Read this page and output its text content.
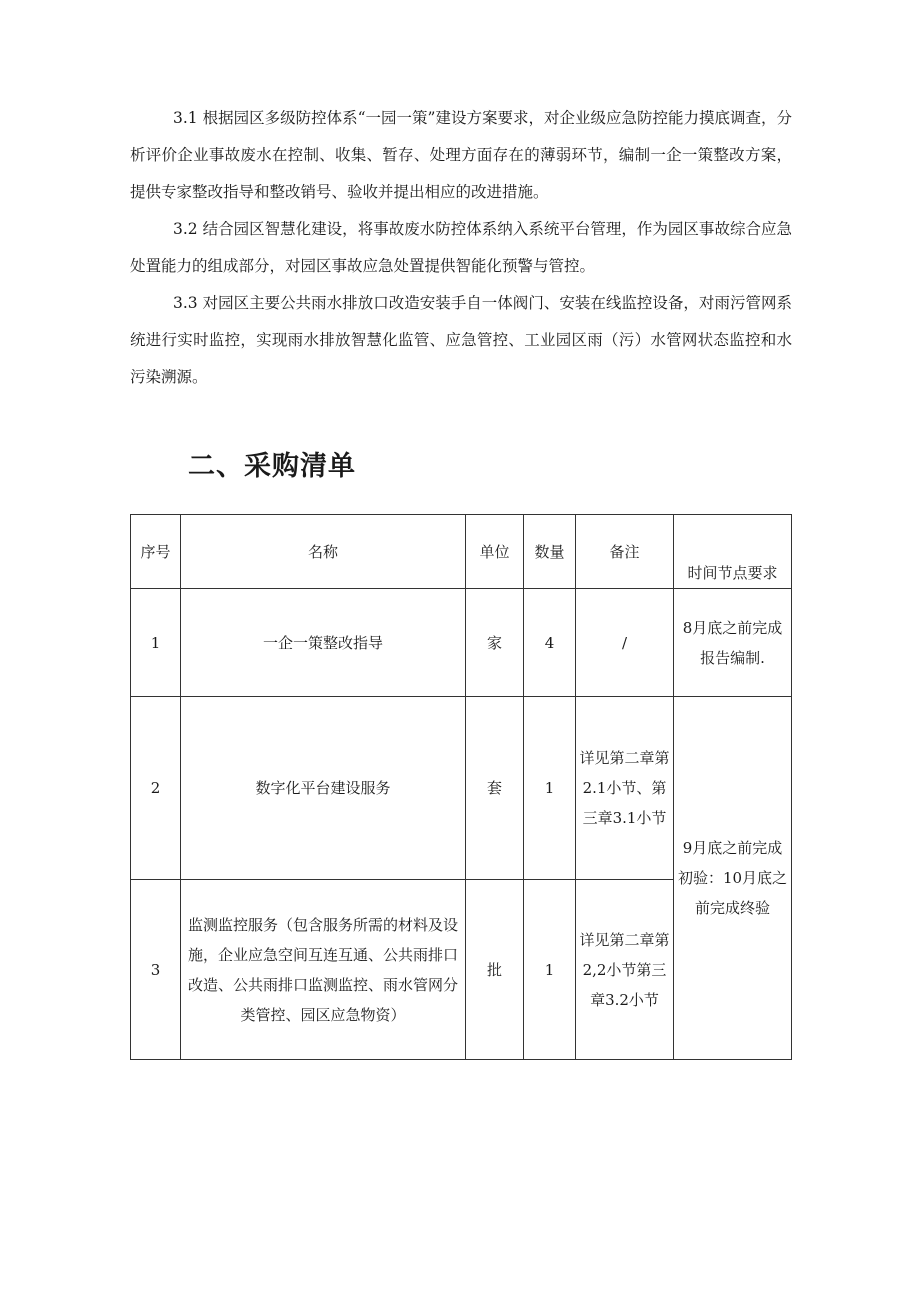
3.1 根据园区多级防控体系“一园一策”建设方案要求，对企业级应急防控能力摸底调查，分析评价企业事故废水在控制、收集、暂存、处理方面存在的薄弱环节，编制一企一策整改方案，提供专家整改指导和整改销号、验收并提出相应的改进措施。

3.2 结合园区智慧化建设，将事故废水防控体系纳入系统平台管理，作为园区事故综合应急处置能力的组成部分，对园区事故应急处置提供智能化预警与管控。

3.3 对园区主要公共雨水排放口改造安装手自一体阀门、安装在线监控设备，对雨污管网系统进行实时监控，实现雨水排放智慧化监管、应急管控、工业园区雨（污）水管网状态监控和水污染溯源。

二、采购清单
序号	名称	单位	数量	备注	时间节点要求
1	一企一策整改指导	家	4	/	8月底之前完成报告编制.
2	数字化平台建设服务	套	1	详见第二章第2.1小节、第三章3.1小节	9月底之前完成初验：10月底之前完成终验
3	监测监控服务（包含服务所需的材料及设施，企业应急空间互连互通、公共雨排口改造、公共雨排口监测监控、雨水管网分类管控、园区应急物资）	批	1	详见第二章第2,2小节第三章3.2小节	
